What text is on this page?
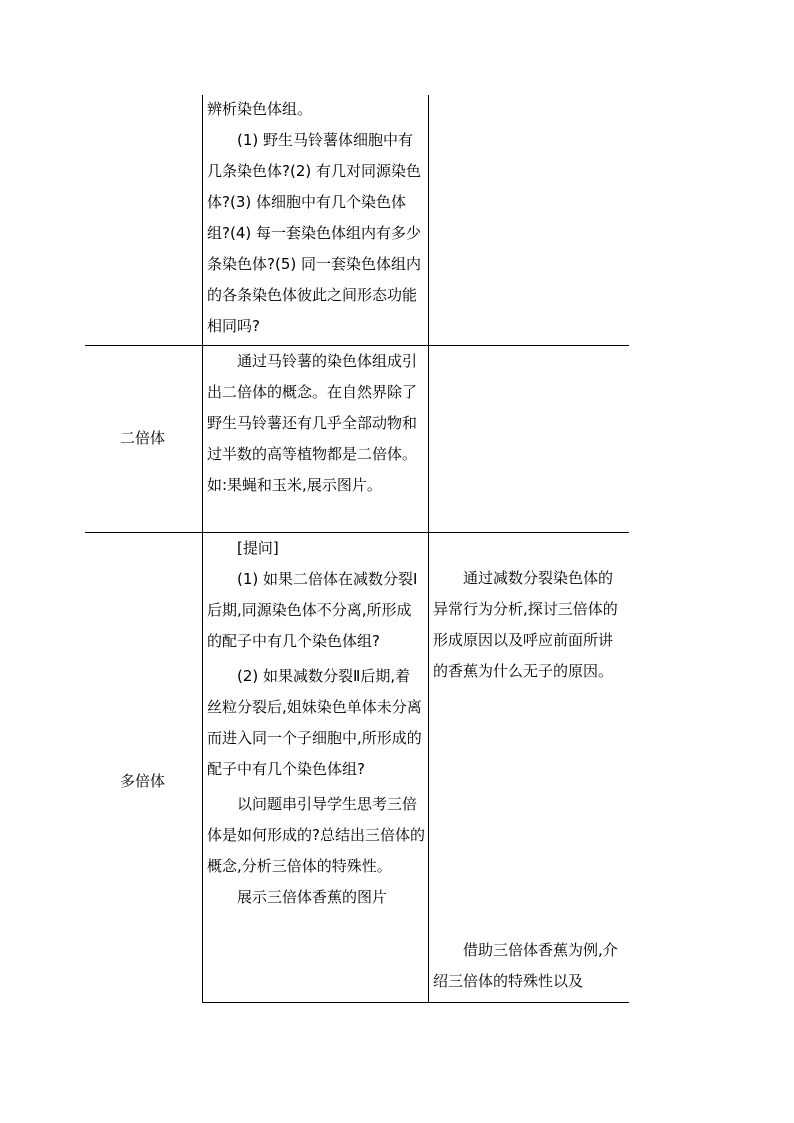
辨析染色体组。

(1) 野生马铃薯体细胞中有几条染色体?(2) 有几对同源染色体?(3) 体细胞中有几个染色体组?(4) 每一套染色体组内有多少条染色体?(5) 同一套染色体组内的各条染色体彼此之间形态功能相同吗?

二倍体

通过马铃薯的染色体组成引出二倍体的概念。在自然界除了野生马铃薯还有几乎全部动物和过半数的高等植物都是二倍体。如:果蝇和玉米,展示图片。

多倍体

[提问]

(1) 如果二倍体在减数分裂Ⅰ后期,同源染色体不分离,所形成的配子中有几个染色体组?

(2) 如果减数分裂Ⅱ后期,着丝粒分裂后,姐妹染色单体未分离而进入同一个子细胞中,所形成的配子中有几个染色体组?

以问题串引导学生思考三倍体是如何形成的?总结出三倍体的概念,分析三倍体的特殊性。

展示三倍体香蕉的图片

通过减数分裂染色体的异常行为分析,探讨三倍体的形成原因以及呼应前面所讲的香蕉为什么无子的原因。

借助三倍体香蕉为例,介绍三倍体的特殊性以及
